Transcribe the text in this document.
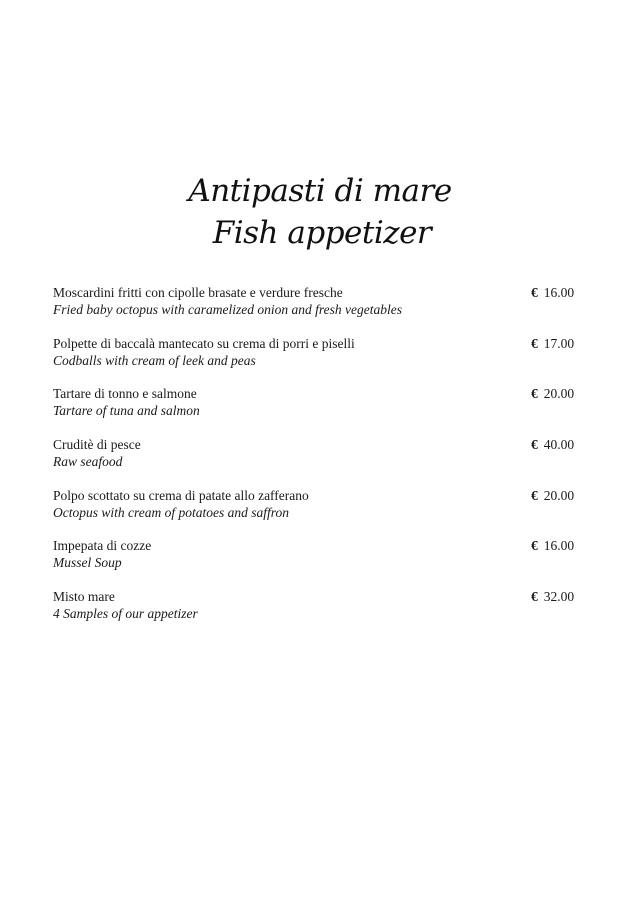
Antipasti di mare
Fish appetizer
Moscardini fritti con cipolle brasate e verdure fresche
Fried baby octopus with caramelized onion and fresh vegetables
€ 16.00
Polpette di baccalà mantecato su crema di porri e piselli
Codballs with cream of leek and peas
€ 17.00
Tartare di tonno e salmone
Tartare of tuna and salmon
€ 20.00
Cruditè di pesce
Raw seafood
€ 40.00
Polpo scottato su crema di patate allo zafferano
Octopus with cream of potatoes and saffron
€ 20.00
Impepata di cozze
Mussel Soup
€ 16.00
Misto mare
4 Samples of our appetizer
€ 32.00
